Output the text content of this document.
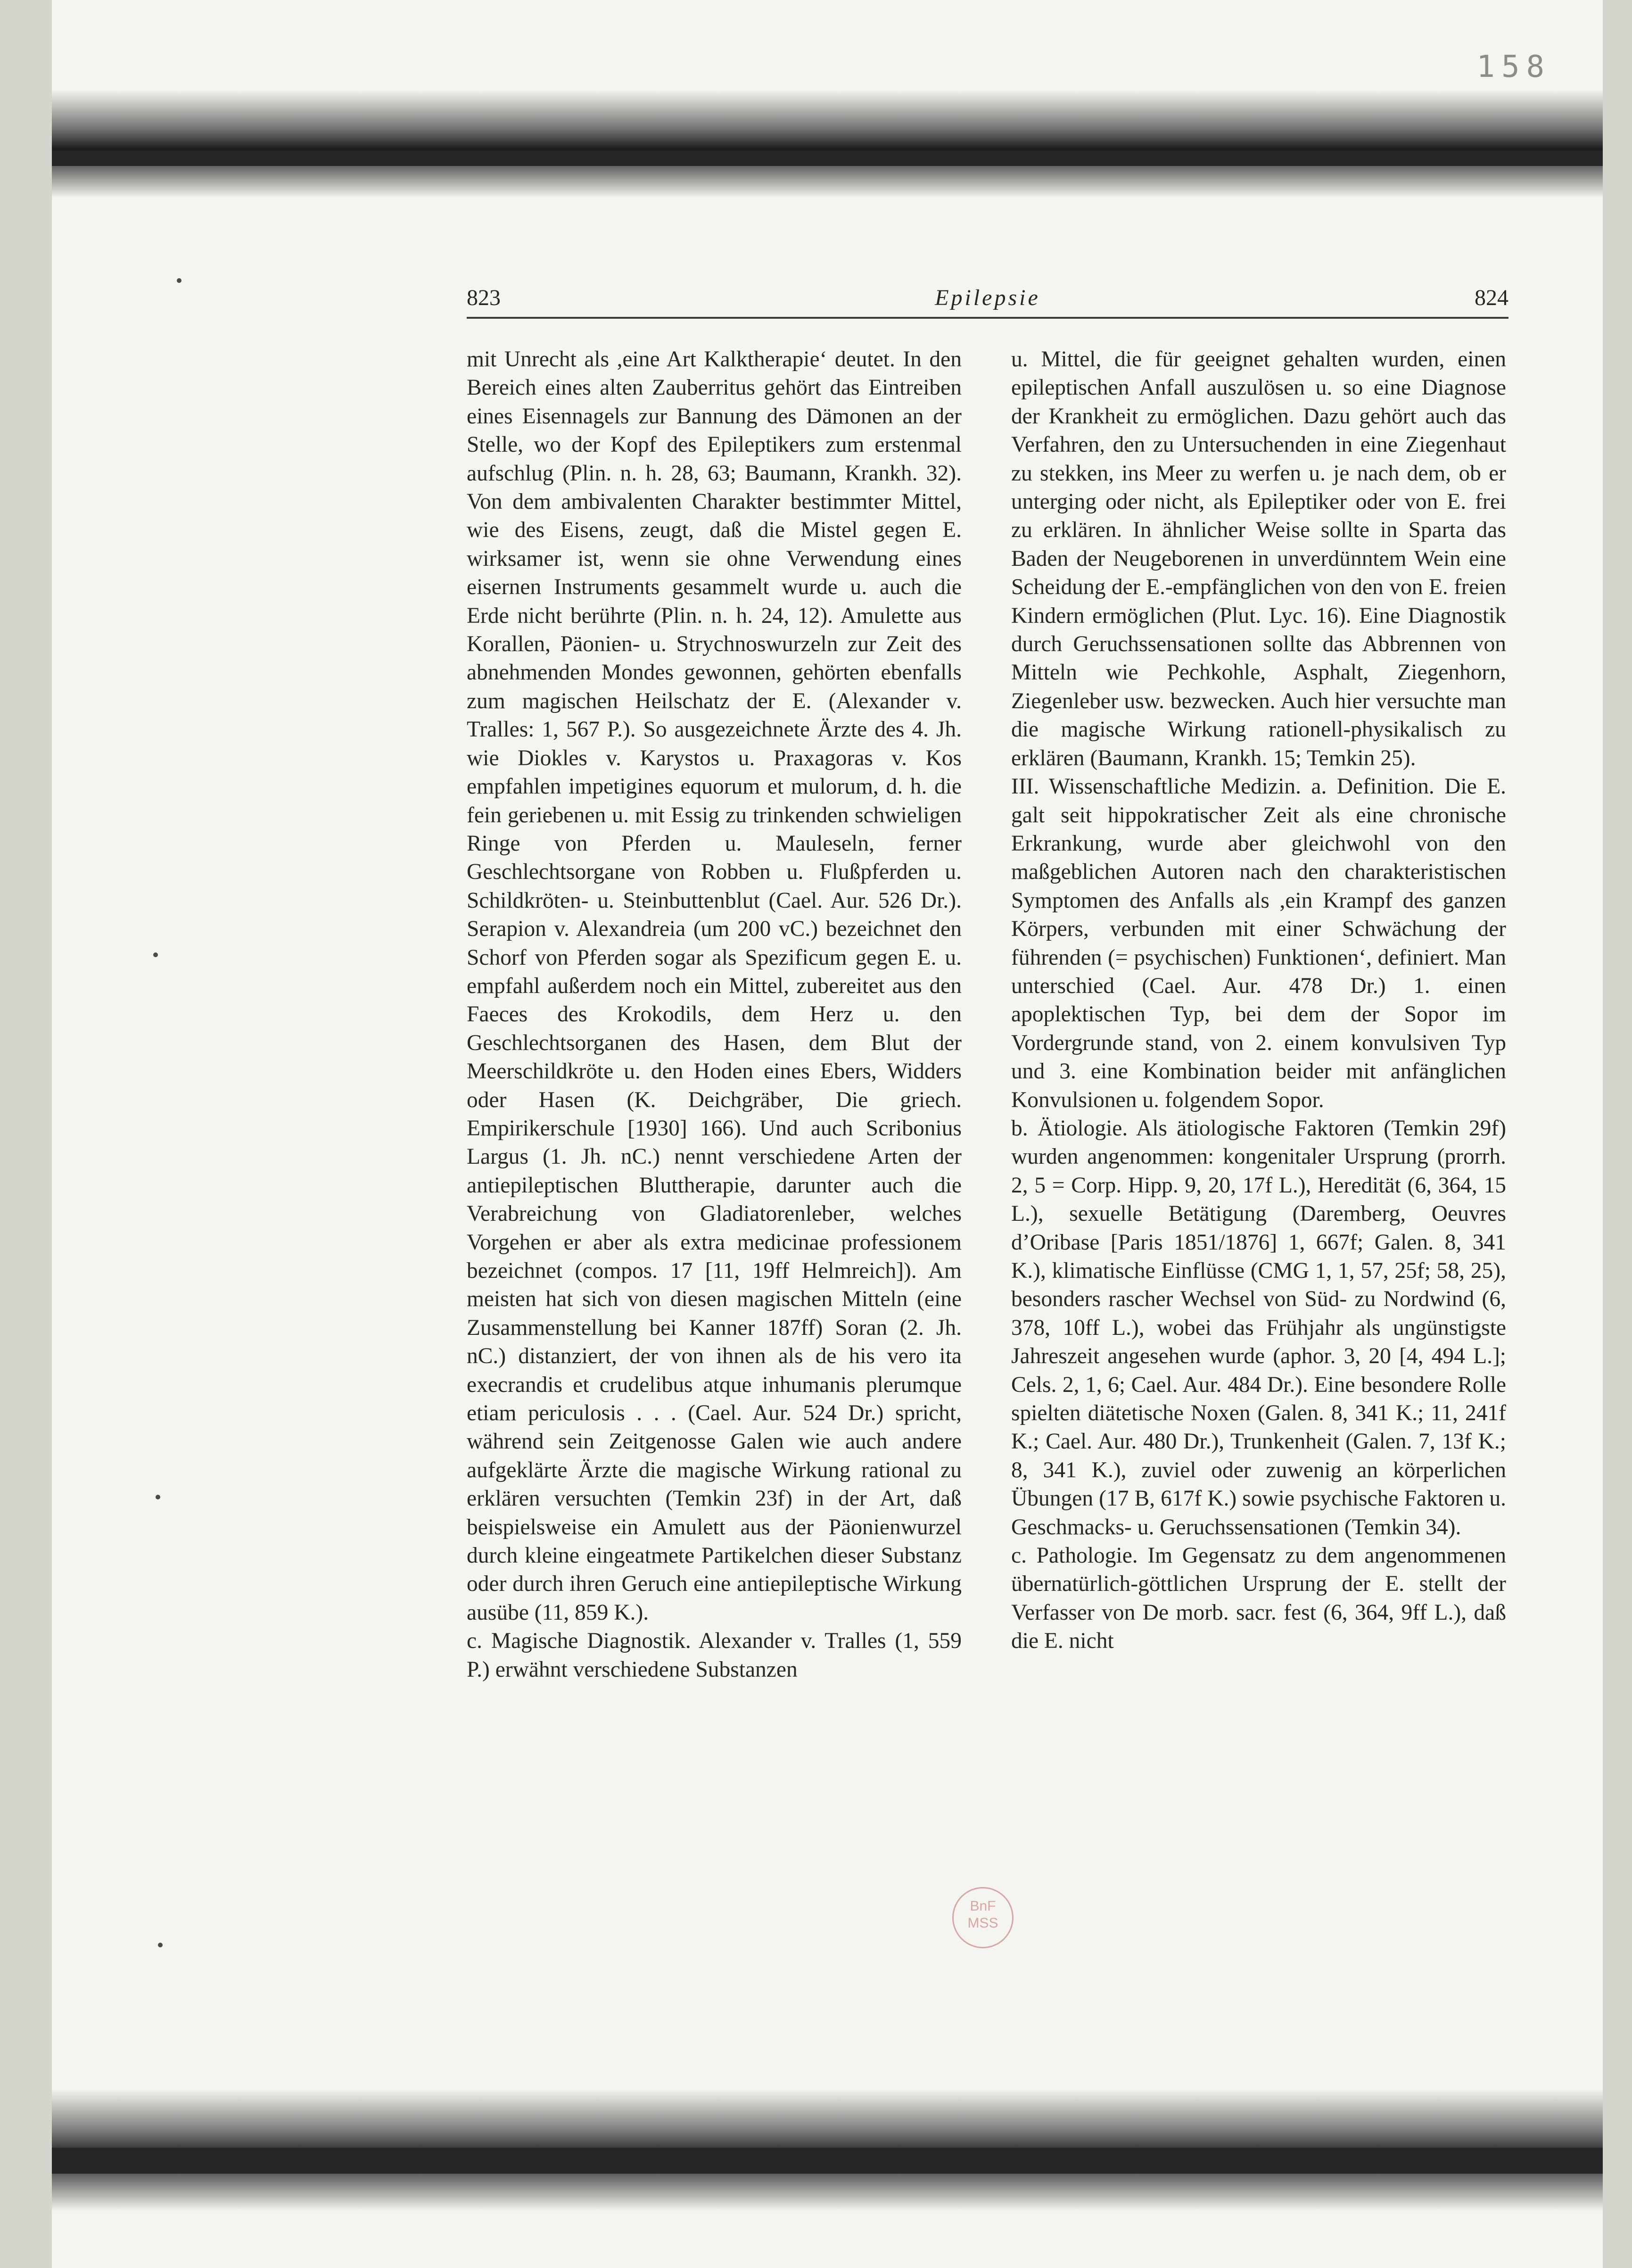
158
823	Epilepsie	824

mit Unrecht als ,eine Art Kalktherapie‘ deutet. In den Bereich eines alten Zauberritus gehört das Eintreiben eines Eisennagels zur Bannung des Dämonen an der Stelle, wo der Kopf des Epileptikers zum erstenmal aufschlug (Plin. n. h. 28, 63; Baumann, Krankh. 32). Von dem ambivalenten Charakter bestimmter Mittel, wie des Eisens, zeugt, daß die Mistel gegen E. wirksamer ist, wenn sie ohne Verwendung eines eisernen Instruments gesammelt wurde u. auch die Erde nicht berührte (Plin. n. h. 24, 12). Amulette aus Korallen, Päonien- u. Strychnoswurzeln zur Zeit des abnehmenden Mondes gewonnen, gehörten ebenfalls zum magischen Heilschatz der E. (Alexander v. Tralles: 1, 567 P.). So ausgezeichnete Ärzte des 4. Jh. wie Diokles v. Karystos u. Praxagoras v. Kos empfahlen impetigines equorum et mulorum, d. h. die fein geriebenen u. mit Essig zu trinkenden schwieligen Ringe von Pferden u. Mauleseln, ferner Geschlechtsorgane von Robben u. Flußpferden u. Schildkröten- u. Steinbuttenblut (Cael. Aur. 526 Dr.). Serapion v. Alexandreia (um 200 vC.) bezeichnet den Schorf von Pferden sogar als Spezificum gegen E. u. empfahl außerdem noch ein Mittel, zubereitet aus den Faeces des Krokodils, dem Herz u. den Geschlechtsorganen des Hasen, dem Blut der Meerschildkröte u. den Hoden eines Ebers, Widders oder Hasen (K. Deichgräber, Die griech. Empirikerschule [1930] 166). Und auch Scribonius Largus (1. Jh. nC.) nennt verschiedene Arten der antiepileptischen Bluttherapie, darunter auch die Verabreichung von Gladiatorenleber, welches Vorgehen er aber als extra medicinae professionem bezeichnet (compos. 17 [11, 19ff Helmreich]). Am meisten hat sich von diesen magischen Mitteln (eine Zusammenstellung bei Kanner 187ff) Soran (2. Jh. nC.) distanziert, der von ihnen als de his vero ita execrandis et crudelibus atque inhumanis plerumque etiam periculosis . . . (Cael. Aur. 524 Dr.) spricht, während sein Zeitgenosse Galen wie auch andere aufgeklärte Ärzte die magische Wirkung rational zu erklären versuchten (Temkin 23f) in der Art, daß beispielsweise ein Amulett aus der Päonienwurzel durch kleine eingeatmete Partikelchen dieser Substanz oder durch ihren Geruch eine antiepileptische Wirkung ausübe (11, 859 K.).

c. Magische Diagnostik. Alexander v. Tralles (1, 559 P.) erwähnt verschiedene Substanzen

u. Mittel, die für geeignet gehalten wurden, einen epileptischen Anfall auszulösen u. so eine Diagnose der Krankheit zu ermöglichen. Dazu gehört auch das Verfahren, den zu Untersuchenden in eine Ziegenhaut zu stekken, ins Meer zu werfen u. je nach dem, ob er unterging oder nicht, als Epileptiker oder von E. frei zu erklären. In ähnlicher Weise sollte in Sparta das Baden der Neugeborenen in unverdünntem Wein eine Scheidung der E.-empfänglichen von den von E. freien Kindern ermöglichen (Plut. Lyc. 16). Eine Diagnostik durch Geruchssensationen sollte das Abbrennen von Mitteln wie Pechkohle, Asphalt, Ziegenhorn, Ziegenleber usw. bezwecken. Auch hier versuchte man die magische Wirkung rationell-physikalisch zu erklären (Baumann, Krankh. 15; Temkin 25).

III. Wissenschaftliche Medizin. a. Definition. Die E. galt seit hippokratischer Zeit als eine chronische Erkrankung, wurde aber gleichwohl von den maßgeblichen Autoren nach den charakteristischen Symptomen des Anfalls als ,ein Krampf des ganzen Körpers, verbunden mit einer Schwächung der führenden (= psychischen) Funktionen‘, definiert. Man unterschied (Cael. Aur. 478 Dr.) 1. einen apoplektischen Typ, bei dem der Sopor im Vordergrunde stand, von 2. einem konvulsiven Typ und 3. eine Kombination beider mit anfänglichen Konvulsionen u. folgendem Sopor.

b. Ätiologie. Als ätiologische Faktoren (Temkin 29f) wurden angenommen: kongenitaler Ursprung (prorrh. 2, 5 = Corp. Hipp. 9, 20, 17f L.), Heredität (6, 364, 15 L.), sexuelle Betätigung (Daremberg, Oeuvres d’Oribase [Paris 1851/1876] 1, 667f; Galen. 8, 341 K.), klimatische Einflüsse (CMG 1, 1, 57, 25f; 58, 25), besonders rascher Wechsel von Süd- zu Nordwind (6, 378, 10ff L.), wobei das Frühjahr als ungünstigste Jahreszeit angesehen wurde (aphor. 3, 20 [4, 494 L.]; Cels. 2, 1, 6; Cael. Aur. 484 Dr.). Eine besondere Rolle spielten diätetische Noxen (Galen. 8, 341 K.; 11, 241f K.; Cael. Aur. 480 Dr.), Trunkenheit (Galen. 7, 13f K.; 8, 341 K.), zuviel oder zuwenig an körperlichen Übungen (17 B, 617f K.) sowie psychische Faktoren u. Geschmacks- u. Geruchssensationen (Temkin 34).

c. Pathologie. Im Gegensatz zu dem angenommenen übernatürlich-göttlichen Ursprung der E. stellt der Verfasser von De morb. sacr. fest (6, 364, 9ff L.), daß die E. nicht

BnF
MSS
